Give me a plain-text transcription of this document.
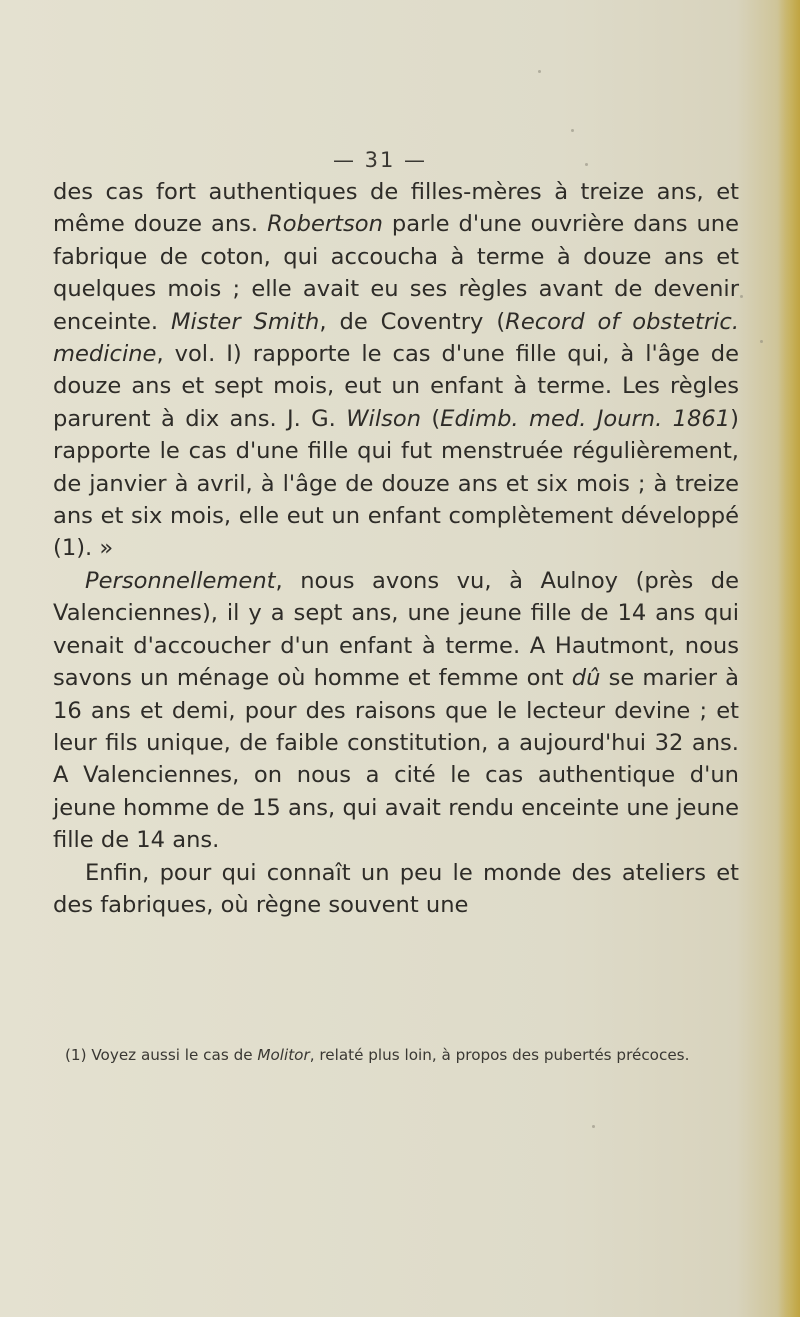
— 31 —

des cas fort authentiques de filles-mères à treize ans, et même douze ans. Robertson parle d'une ouvrière dans une fabrique de coton, qui accoucha à terme à douze ans et quelques mois ; elle avait eu ses règles avant de devenir enceinte. Mister Smith, de Coventry (Record of obstetric. medicine, vol. I) rapporte le cas d'une fille qui, à l'âge de douze ans et sept mois, eut un enfant à terme. Les règles parurent à dix ans. J. G. Wilson (Edimb. med. Journ. 1861) rapporte le cas d'une fille qui fut menstruée régulièrement, de janvier à avril, à l'âge de douze ans et six mois ; à treize ans et six mois, elle eut un enfant complètement développé (1). »

Personnellement, nous avons vu, à Aulnoy (près de Valenciennes), il y a sept ans, une jeune fille de 14 ans qui venait d'accoucher d'un enfant à terme. A Hautmont, nous savons un ménage où homme et femme ont dû se marier à 16 ans et demi, pour des raisons que le lecteur devine ; et leur fils unique, de faible constitution, a aujourd'hui 32 ans. A Valenciennes, on nous a cité le cas authentique d'un jeune homme de 15 ans, qui avait rendu enceinte une jeune fille de 14 ans.

Enfin, pour qui connaît un peu le monde des ateliers et des fabriques, où règne souvent une

(1) Voyez aussi le cas de Molitor, relaté plus loin, à propos des pubertés précoces.
